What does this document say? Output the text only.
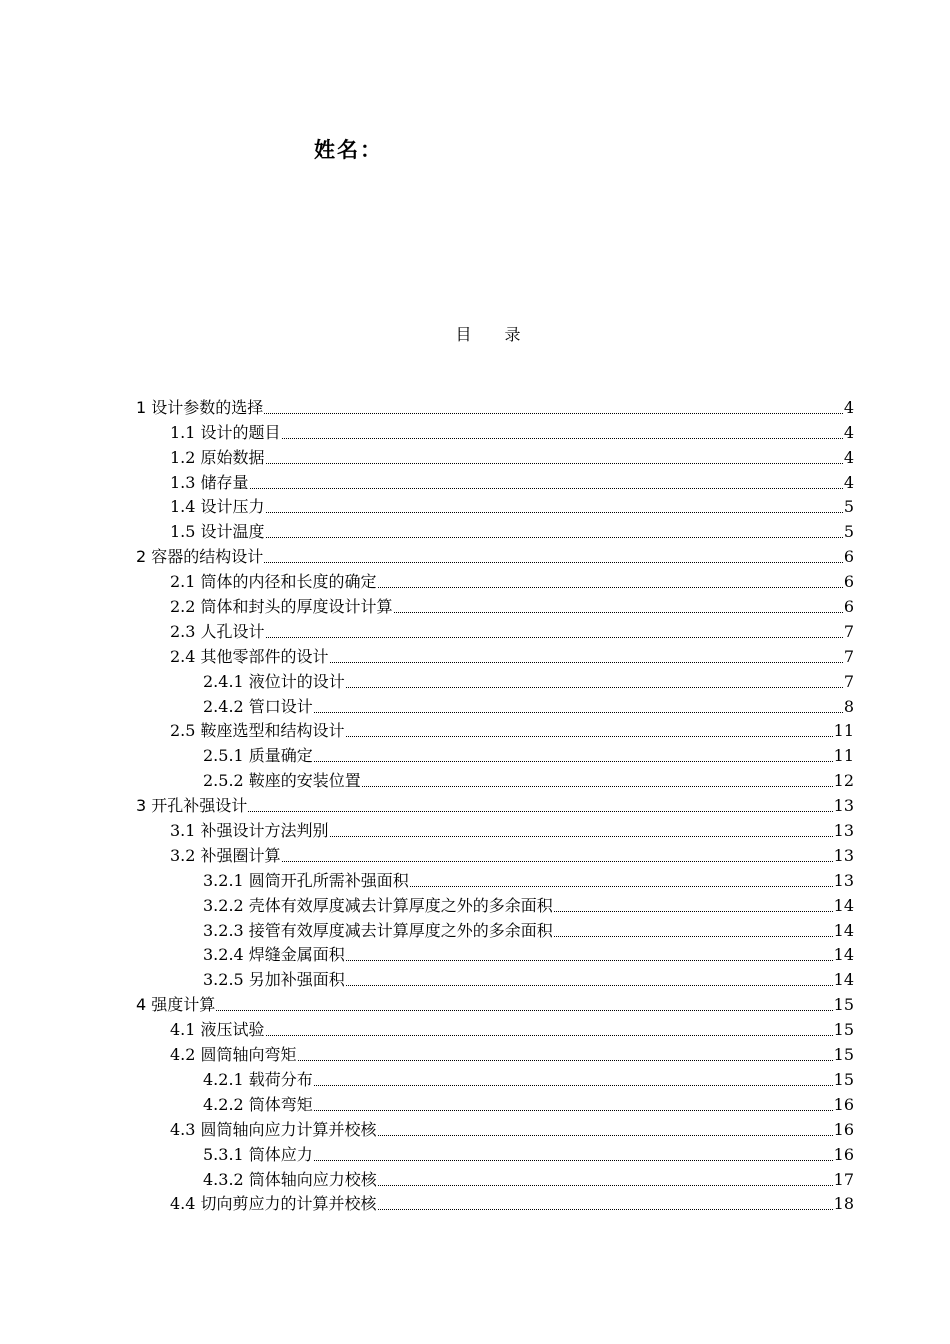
姓名：
目 录
1 设计参数的选择	4
1.1 设计的题目	4
1.2 原始数据	4
1.3 储存量	4
1.4 设计压力	5
1.5 设计温度	5
2 容器的结构设计	6
2.1 筒体的内径和长度的确定	6
2.2 筒体和封头的厚度设计计算	6
2.3 人孔设计	7
2.4 其他零部件的设计	7
2.4.1 液位计的设计	7
2.4.2 管口设计	8
2.5 鞍座选型和结构设计	11
2.5.1 质量确定	11
2.5.2 鞍座的安装位置	12
3 开孔补强设计	13
3.1 补强设计方法判别	13
3.2 补强圈计算	13
3.2.1 圆筒开孔所需补强面积	13
3.2.2 壳体有效厚度减去计算厚度之外的多余面积	14
3.2.3 接管有效厚度减去计算厚度之外的多余面积	14
3.2.4 焊缝金属面积	14
3.2.5 另加补强面积	14
4 强度计算	15
4.1 液压试验	15
4.2 圆筒轴向弯矩	15
4.2.1 载荷分布	15
4.2.2 筒体弯矩	16
4.3 圆筒轴向应力计算并校核	16
5.3.1 筒体应力	16
4.3.2 筒体轴向应力校核	17
4.4 切向剪应力的计算并校核	18
